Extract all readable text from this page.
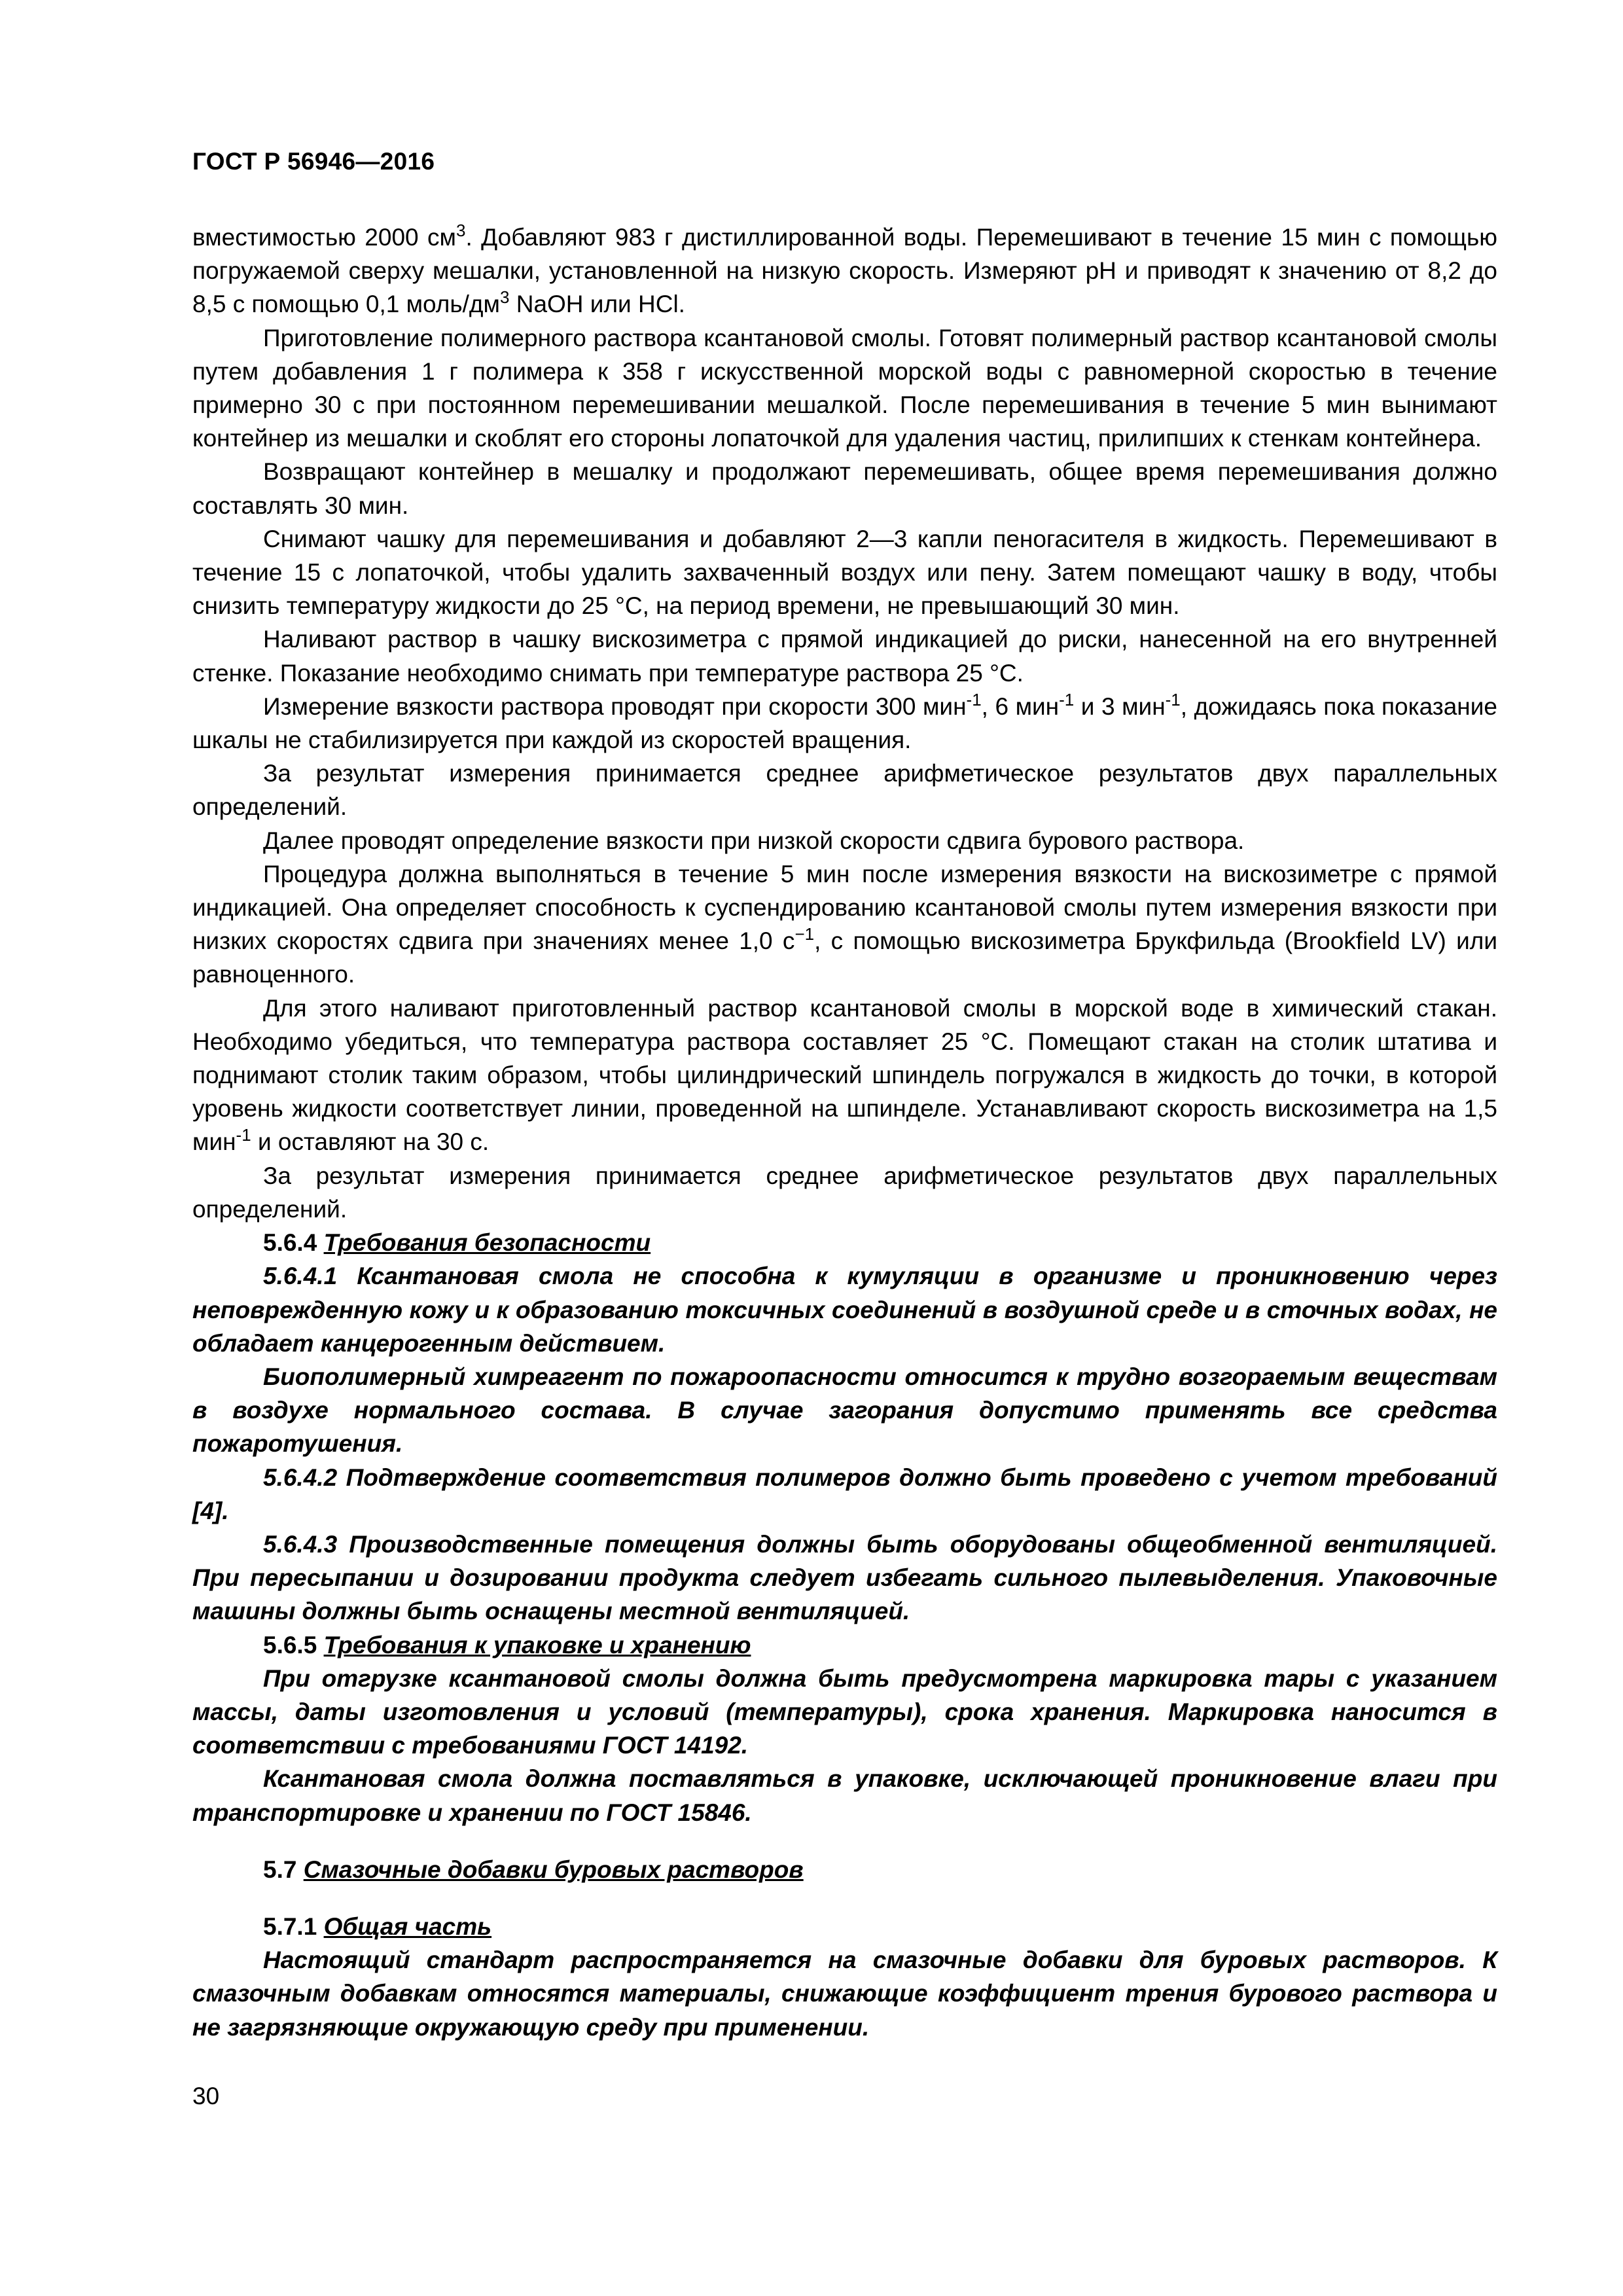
ГОСТ Р 56946—2016

вместимостью 2000 $см^3$. Добавляют 983 г дистиллированной воды. Перемешивают в течение 15 мин с помощью погружаемой сверху мешалки, установленной на низкую скорость. Измеряют pH и приводят к значению от 8,2 до 8,5 с помощью 0,1 моль/$дм^3$ NaOH или HCl.

Приготовление полимерного раствора ксантановой смолы. Готовят полимерный раствор ксантановой смолы путем добавления 1 г полимера к 358 г искусственной морской воды с равномерной скоростью в течение примерно 30 с при постоянном перемешивании мешалкой. После перемешивания в течение 5 мин вынимают контейнер из мешалки и скоблят его стороны лопаточкой для удаления частиц, прилипших к стенкам контейнера.

Возвращают контейнер в мешалку и продолжают перемешивать, общее время перемешивания должно составлять 30 мин.

Снимают чашку для перемешивания и добавляют 2—3 капли пеногасителя в жидкость. Перемешивают в течение 15 с лопаточкой, чтобы удалить захваченный воздух или пену. Затем помещают чашку в воду, чтобы снизить температуру жидкости до 25 °С, на период времени, не превышающий 30 мин.

Наливают раствор в чашку вискозиметра с прямой индикацией до риски, нанесенной на его внутренней стенке. Показание необходимо снимать при температуре раствора 25 °С.

Измерение вязкости раствора проводят при скорости 300 мин$^{-1}$, 6 мин$^{-1}$ и 3 мин$^{-1}$, дожидаясь пока показание шкалы не стабилизируется при каждой из скоростей вращения.

За результат измерения принимается среднее арифметическое результатов двух параллельных определений.

Далее проводят определение вязкости при низкой скорости сдвига бурового раствора.

Процедура должна выполняться в течение 5 мин после измерения вязкости на вискозиметре с прямой индикацией. Она определяет способность к суспендированию ксантановой смолы путем измерения вязкости при низких скоростях сдвига при значениях менее 1,0 $с^{-1}$, с помощью вискозиметра Брукфильда (Brookfield LV) или равноценного.

Для этого наливают приготовленный раствор ксантановой смолы в морской воде в химический стакан. Необходимо убедиться, что температура раствора составляет 25 °С. Помещают стакан на столик штатива и поднимают столик таким образом, чтобы цилиндрический шпиндель погружался в жидкость до точки, в которой уровень жидкости соответствует линии, проведенной на шпинделе. Устанавливают скорость вискозиметра на 1,5 мин$^{-1}$ и оставляют на 30 с.

За результат измерения принимается среднее арифметическое результатов двух параллельных определений.

5.6.4 Требования безопасности

5.6.4.1 Ксантановая смола не способна к кумуляции в организме и проникновению через неповрежденную кожу и к образованию токсичных соединений в воздушной среде и в сточных водах, не обладает канцерогенным действием.

Биополимерный химреагент по пожароопасности относится к трудно возгораемым веществам в воздухе нормального состава. В случае загорания допустимо применять все средства пожаротушения.

5.6.4.2 Подтверждение соответствия полимеров должно быть проведено с учетом требований [4].

5.6.4.3 Производственные помещения должны быть оборудованы общеобменной вентиляцией. При пересыпании и дозировании продукта следует избегать сильного пылевыделения. Упаковочные машины должны быть оснащены местной вентиляцией.

5.6.5 Требования к упаковке и хранению

При отгрузке ксантановой смолы должна быть предусмотрена маркировка тары с указанием массы, даты изготовления и условий (температуры), срока хранения. Маркировка наносится в соответствии с требованиями ГОСТ 14192.

Ксантановая смола должна поставляться в упаковке, исключающей проникновение влаги при транспортировке и хранении по ГОСТ 15846.

5.7 Смазочные добавки буровых растворов

5.7.1 Общая часть

Настоящий стандарт распространяется на смазочные добавки для буровых растворов. К смазочным добавкам относятся материалы, снижающие коэффициент трения бурового раствора и не загрязняющие окружающую среду при применении.

30
